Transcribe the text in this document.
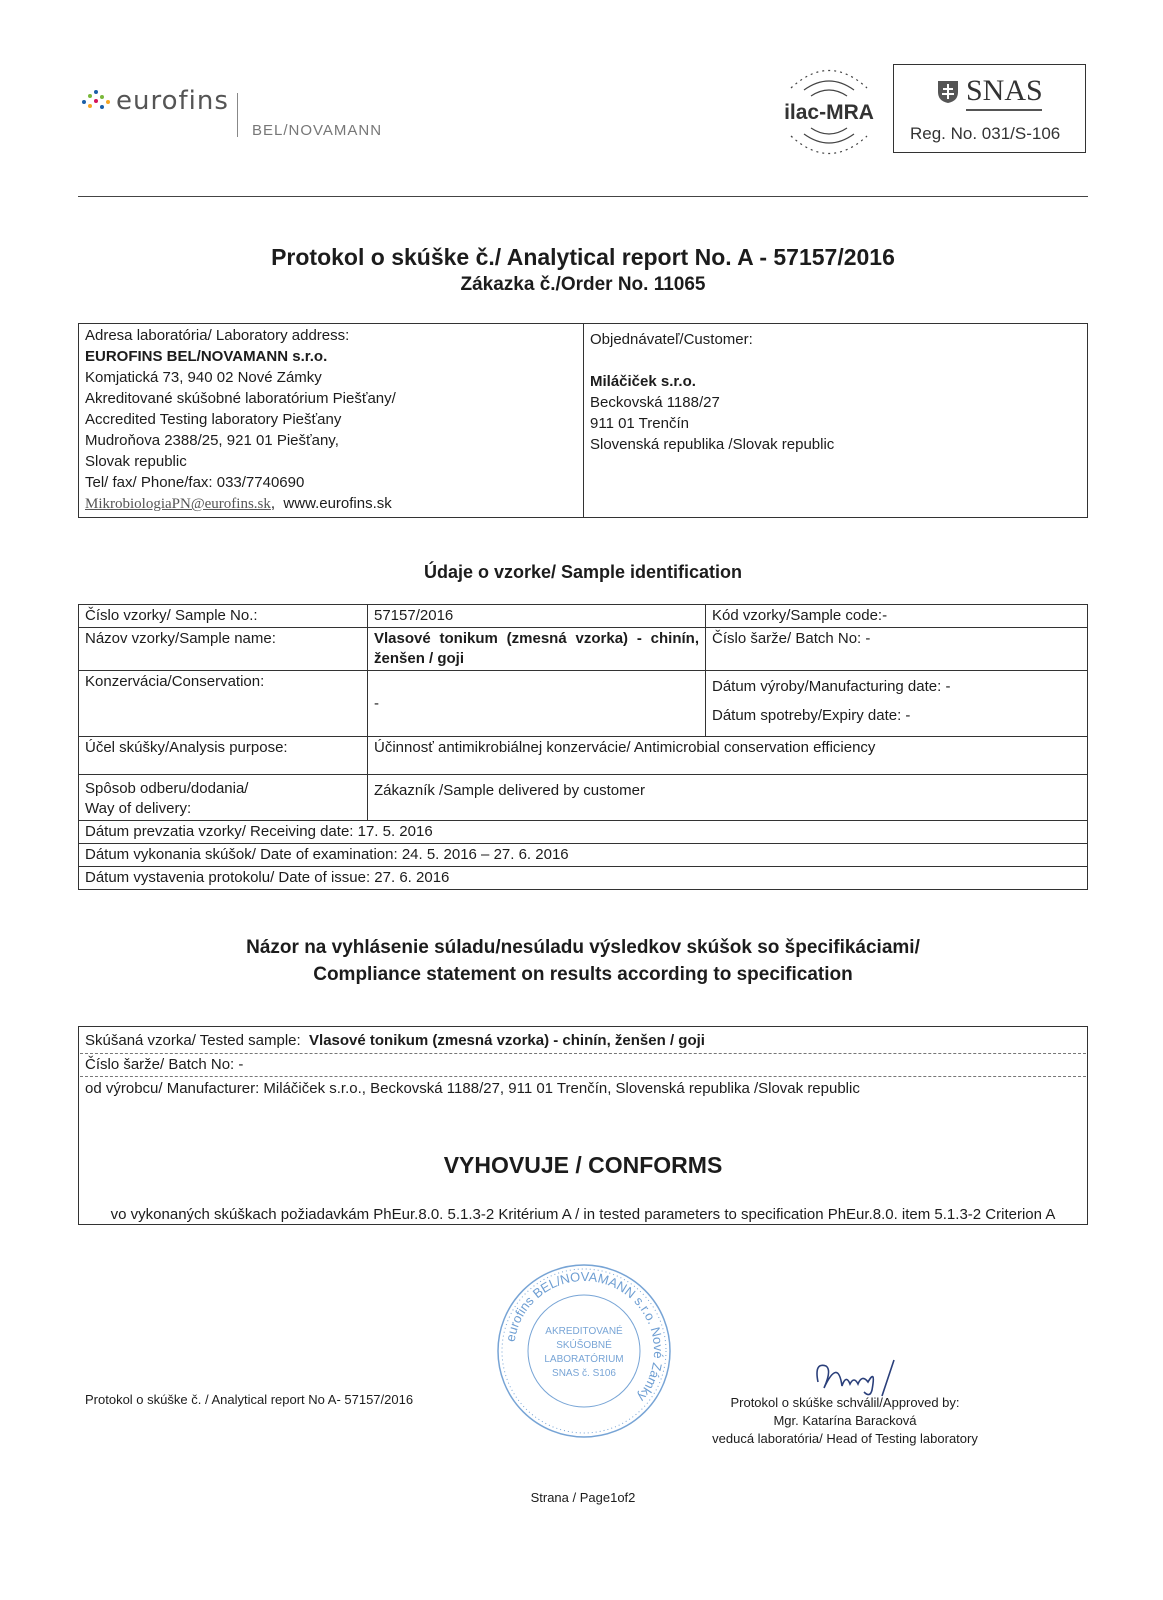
eurofins
BEL/NOVAMANN
ilac-MRA
SNAS
Reg. No. 031/S-106
Protokol o skúške č./ Analytical report No. A - 57157/2016
Zákazka č./Order No. 11065
Adresa laboratória/ Laboratory address:
EUROFINS BEL/NOVAMANN s.r.o.
Komjatická 73, 940 02 Nové Zámky
Akreditované skúšobné laboratórium Piešťany/
Accredited Testing laboratory Piešťany
Mudroňova 2388/25, 921 01 Piešťany,
Slovak republic
Tel/ fax/ Phone/fax: 033/7740690
MikrobiologiaPN@eurofins.sk,  www.eurofins.sk
Objednávateľ/Customer:
Miláčiček s.r.o.
Beckovská 1188/27
911 01 Trenčín
Slovenská republika /Slovak republic
Údaje o vzorke/ Sample identification
Číslo vzorky/ Sample No.:	57157/2016	Kód vzorky/Sample code:-
Názov vzorky/Sample name:	Vlasové tonikum (zmesná vzorka) - chinín, ženšen / goji	Číslo šarže/ Batch No: -
Konzervácia/Conservation:	-	Dátum výroby/Manufacturing date: -
Dátum spotreby/Expiry date: -

Účel skúšky/Analysis purpose:	Účinnosť antimikrobiálnej konzervácie/ Antimicrobial conservation efficiency	

Spôsob odberu/dodania/
Way of delivery:	Zákazník /Sample delivered by customer	
Dátum prevzatia vzorky/ Receiving date: 17. 5. 2016		
Dátum vykonania skúšok/ Date of examination: 24. 5. 2016 – 27. 6. 2016		
Dátum vystavenia protokolu/ Date of issue: 27. 6. 2016		
Názor na vyhlásenie súladu/nesúladu výsledkov skúšok so špecifikáciami/
Compliance statement on results according to specification
Skúšaná vzorka/ Tested sample: Vlasové tonikum (zmesná vzorka) - chinín, ženšen / goji
Číslo šarže/ Batch No: -
od výrobcu/ Manufacturer: Miláčiček s.r.o., Beckovská 1188/27, 911 01 Trenčín, Slovenská republika /Slovak republic
VYHOVUJE / CONFORMS
vo vykonaných skúškach požiadavkám PhEur.8.0. 5.1.3-2 Kritérium A / in tested parameters to specification PhEur.8.0. item 5.1.3-2 Criterion A
eurofins BEL/NOVAMANN s.r.o. Nové Zámky
AKREDITOVANÉ
SKÚŠOBNÉ
LABORATÓRIUM
SNAS č. S106
Protokol o skúške č. / Analytical report No A- 57157/2016	Protokol o skúške schválil/Approved by:
Mgr. Katarína Baracková
veducá laboratória/ Head of Testing laboratory
Strana / Page1of2
